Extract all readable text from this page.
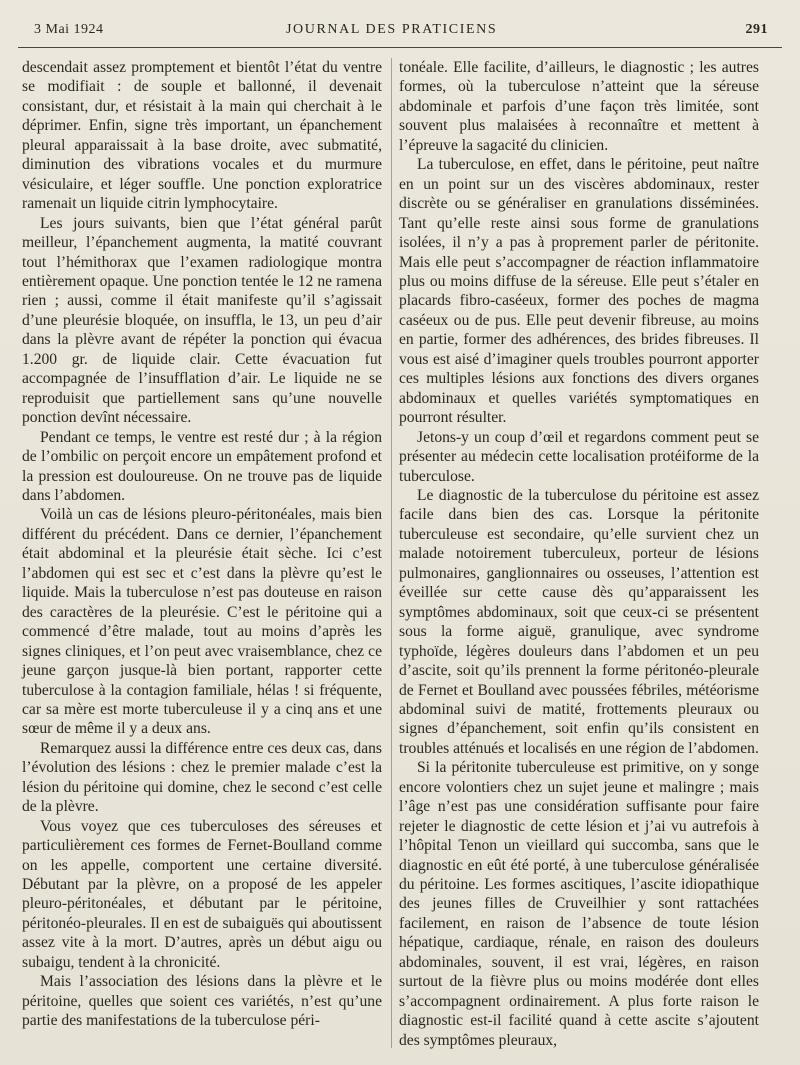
3 Mai 1924	JOURNAL DES PRATICIENS	291

descendait assez promptement et bientôt l’état du ventre se modifiait : de souple et ballonné, il devenait consistant, dur, et résistait à la main qui cherchait à le déprimer. Enfin, signe très important, un épanchement pleural apparaissait à la base droite, avec submatité, diminution des vibrations vocales et du murmure vésiculaire, et léger souffle. Une ponction exploratrice ramenait un liquide citrin lymphocytaire.

Les jours suivants, bien que l’état général parût meilleur, l’épanchement augmenta, la matité couvrant tout l’hémithorax que l’examen radiologique montra entièrement opaque. Une ponction tentée le 12 ne ramena rien ; aussi, comme il était manifeste qu’il s’agissait d’une pleurésie bloquée, on insuffla, le 13, un peu d’air dans la plèvre avant de répéter la ponction qui évacua 1.200 gr. de liquide clair. Cette évacuation fut accompagnée de l’insufflation d’air. Le liquide ne se reproduisit que partiellement sans qu’une nouvelle ponction devînt nécessaire.

Pendant ce temps, le ventre est resté dur ; à la région de l’ombilic on perçoit encore un empâtement profond et la pression est douloureuse. On ne trouve pas de liquide dans l’abdomen.

Voilà un cas de lésions pleuro-péritonéales, mais bien différent du précédent. Dans ce dernier, l’épanchement était abdominal et la pleurésie était sèche. Ici c’est l’abdomen qui est sec et c’est dans la plèvre qu’est le liquide. Mais la tuberculose n’est pas douteuse en raison des caractères de la pleurésie. C’est le péritoine qui a commencé d’être malade, tout au moins d’après les signes cliniques, et l’on peut avec vraisemblance, chez ce jeune garçon jusque-là bien portant, rapporter cette tuberculose à la contagion familiale, hélas ! si fréquente, car sa mère est morte tuberculeuse il y a cinq ans et une sœur de même il y a deux ans.

Remarquez aussi la différence entre ces deux cas, dans l’évolution des lésions : chez le premier malade c’est la lésion du péritoine qui domine, chez le second c’est celle de la plèvre.

Vous voyez que ces tuberculoses des séreuses et particulièrement ces formes de Fernet-Boulland comme on les appelle, comportent une certaine diversité. Débutant par la plèvre, on a proposé de les appeler pleuro-péritonéales, et débutant par le péritoine, péritonéo-pleurales. Il en est de subaiguës qui aboutissent assez vite à la mort. D’autres, après un début aigu ou subaigu, tendent à la chronicité.

Mais l’association des lésions dans la plèvre et le péritoine, quelles que soient ces variétés, n’est qu’une partie des manifestations de la tuberculose péri-

tonéale. Elle facilite, d’ailleurs, le diagnostic ; les autres formes, où la tuberculose n’atteint que la séreuse abdominale et parfois d’une façon très limitée, sont souvent plus malaisées à reconnaître et mettent à l’épreuve la sagacité du clinicien.

La tuberculose, en effet, dans le péritoine, peut naître en un point sur un des viscères abdominaux, rester discrète ou se généraliser en granulations disséminées. Tant qu’elle reste ainsi sous forme de granulations isolées, il n’y a pas à proprement parler de péritonite. Mais elle peut s’accompagner de réaction inflammatoire plus ou moins diffuse de la séreuse. Elle peut s’étaler en placards fibro-caséeux, former des poches de magma caséeux ou de pus. Elle peut devenir fibreuse, au moins en partie, former des adhérences, des brides fibreuses. Il vous est aisé d’imaginer quels troubles pourront apporter ces multiples lésions aux fonctions des divers organes abdominaux et quelles variétés symptomatiques en pourront résulter.

Jetons-y un coup d’œil et regardons comment peut se présenter au médecin cette localisation protéiforme de la tuberculose.

Le diagnostic de la tuberculose du péritoine est assez facile dans bien des cas. Lorsque la péritonite tuberculeuse est secondaire, qu’elle survient chez un malade notoirement tuberculeux, porteur de lésions pulmonaires, ganglionnaires ou osseuses, l’attention est éveillée sur cette cause dès qu’apparaissent les symptômes abdominaux, soit que ceux-ci se présentent sous la forme aiguë, granulique, avec syndrome typhoïde, légères douleurs dans l’abdomen et un peu d’ascite, soit qu’ils prennent la forme péritonéo-pleurale de Fernet et Boulland avec poussées fébriles, météorisme abdominal suivi de matité, frottements pleuraux ou signes d’épanchement, soit enfin qu’ils consistent en troubles atténués et localisés en une région de l’abdomen.

Si la péritonite tuberculeuse est primitive, on y songe encore volontiers chez un sujet jeune et malingre ; mais l’âge n’est pas une considération suffisante pour faire rejeter le diagnostic de cette lésion et j’ai vu autrefois à l’hôpital Tenon un vieillard qui succomba, sans que le diagnostic en eût été porté, à une tuberculose généralisée du péritoine. Les formes ascitiques, l’ascite idiopathique des jeunes filles de Cruveilhier y sont rattachées facilement, en raison de l’absence de toute lésion hépatique, cardiaque, rénale, en raison des douleurs abdominales, souvent, il est vrai, légères, en raison surtout de la fièvre plus ou moins modérée dont elles s’accompagnent ordinairement. A plus forte raison le diagnostic est-il facilité quand à cette ascite s’ajoutent des symptômes pleuraux,
